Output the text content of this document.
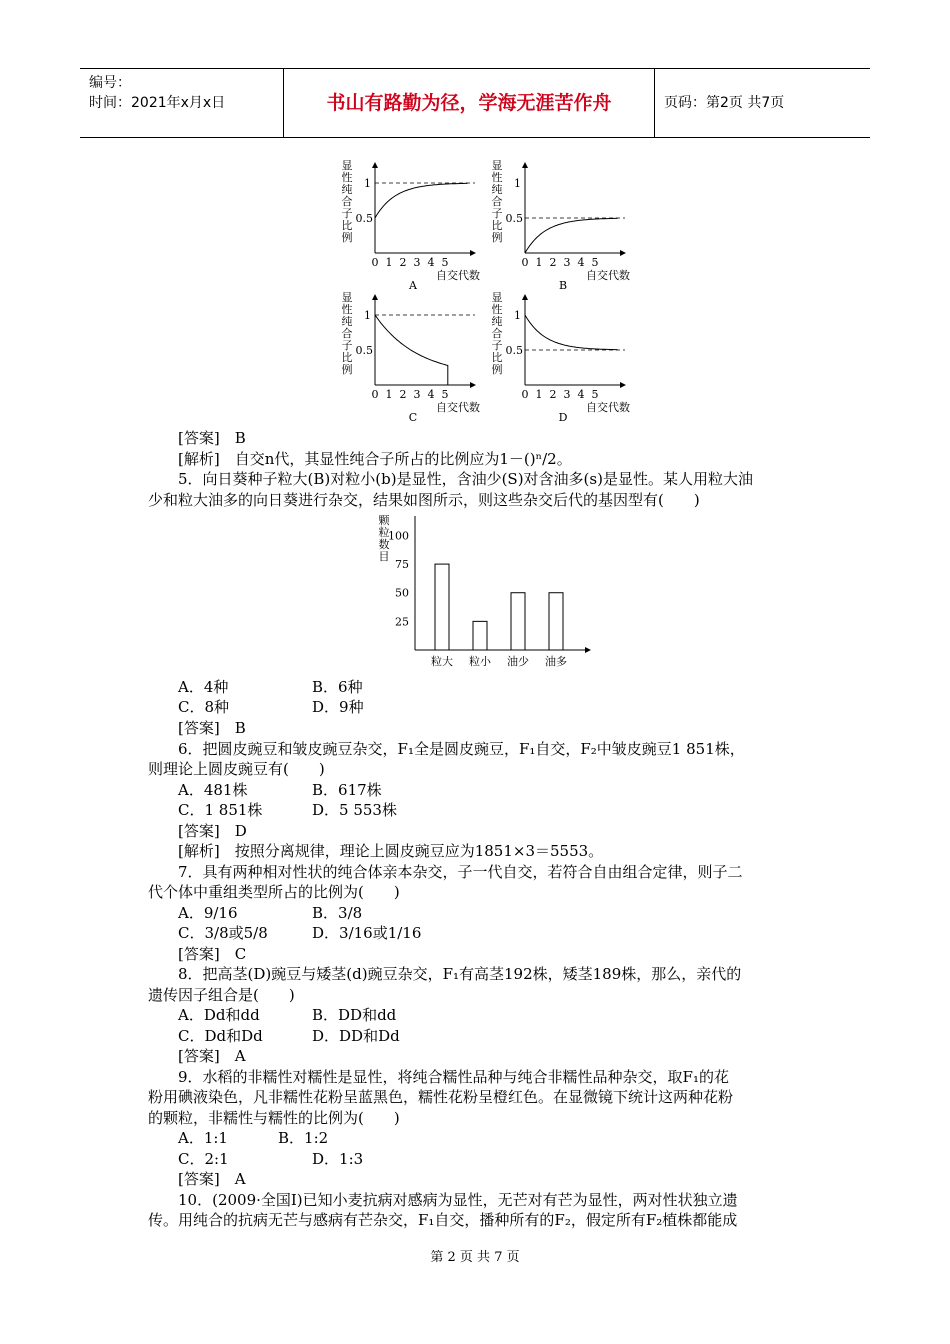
编号：
时间：2021年x月x日	书山有路勤为径，学海无涯苦作舟	页码：第2页 共7页
显
性
纯
合
子
比
例
1
0.5
0 1 2 3 4 5
自交代数
A
显
性
纯
合
子
比
例
1
0.5
0 1 2 3 4 5
自交代数
B
显
性
纯
合
子
比
例
1
0.5
0 1 2 3 4 5
自交代数
C
显
性
纯
合
子
比
例
1
0.5
0 1 2 3 4 5
自交代数
D
[答案]　B
[解析]　自交n代，其显性纯合子所占的比例应为1－()ⁿ/2。
5．向日葵种子粒大(B)对粒小(b)是显性，含油少(S)对含油多(s)是显性。某人用粒大油
少和粒大油多的向日葵进行杂交，结果如图所示，则这些杂交后代的基因型有(　　)
颗
粒
数
目
25
50
75
100
粒大 粒小 油少 油多
A．4种	B．6种
C．8种	D．9种
[答案]　B
6．把圆皮豌豆和皱皮豌豆杂交，F₁全是圆皮豌豆，F₁自交，F₂中皱皮豌豆1 851株，
则理论上圆皮豌豆有(　　)
A．481株	B．617株
C．1 851株	D．5 553株
[答案]　D
[解析]　按照分离规律，理论上圆皮豌豆应为1851×3＝5553。
7．具有两种相对性状的纯合体亲本杂交，子一代自交，若符合自由组合定律，则子二
代个体中重组类型所占的比例为(　　)
A．9/16	B．3/8
C．3/8或5/8	D．3/16或1/16
[答案]　C
8．把高茎(D)豌豆与矮茎(d)豌豆杂交，F₁有高茎192株，矮茎189株，那么，亲代的
遗传因子组合是(　　)
A．Dd和dd	B．DD和dd
C．Dd和Dd	D．DD和Dd
[答案]　A
9．水稻的非糯性对糯性是显性，将纯合糯性品种与纯合非糯性品种杂交，取F₁的花
粉用碘液染色，凡非糯性花粉呈蓝黑色，糯性花粉呈橙红色。在显微镜下统计这两种花粉
的颗粒，非糯性与糯性的比例为(　　)
A．1:1	B．1:2
C．2:1	D．1:3
[答案]　A
10．(2009·全国Ⅰ)已知小麦抗病对感病为显性，无芒对有芒为显性，两对性状独立遗
传。用纯合的抗病无芒与感病有芒杂交，F₁自交，播种所有的F₂，假定所有F₂植株都能成
第 2 页 共 7 页
